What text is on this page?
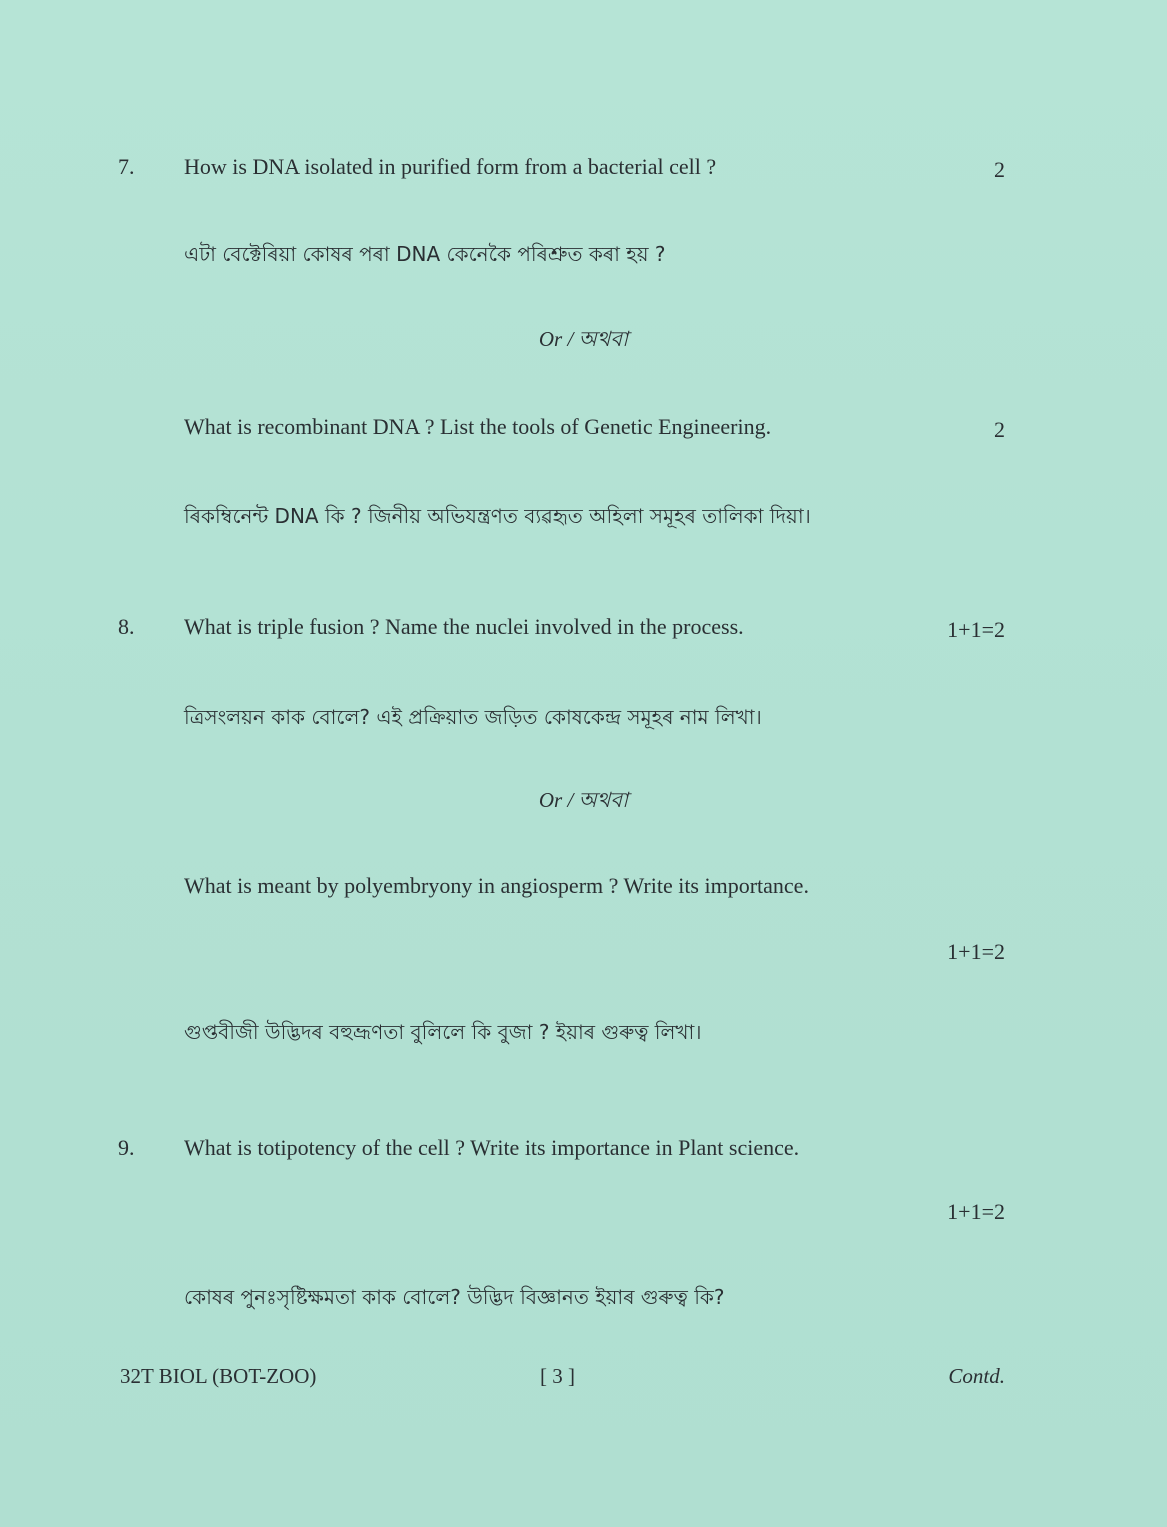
7. How is DNA isolated in purified form from a bacterial cell ?	2
এটা বেক্টেৰিয়া কোষৰ পৰা DNA কেনেকৈ পৰিশ্ৰুত কৰা হয় ?
Or / অথবা
What is recombinant DNA ? List the tools of Genetic Engineering.	2
ৰিকম্বিনেন্ট DNA কি ? জিনীয় অভিযন্ত্ৰণত ব্যৱহৃত অহিলা সমূহৰ তালিকা দিয়া।
8. What is triple fusion ? Name the nuclei involved in the process.	1+1=2
ত্ৰিসংলয়ন কাক বোলে? এই প্ৰক্ৰিয়াত জড়িত কোষকেন্দ্ৰ সমূহৰ নাম লিখা।
Or / অথবা
What is meant by polyembryony in angiosperm ? Write its importance.
1+1=2
গুপ্তবীজী উদ্ভিদৰ বহুভ্ৰূণতা বুলিলে কি বুজা ? ইয়াৰ গুৰুত্ব লিখা।
9. What is totipotency of the cell ? Write its importance in Plant science.
1+1=2
কোষৰ পুনঃসৃষ্টিক্ষমতা কাক বোলে? উদ্ভিদ বিজ্ঞানত ইয়াৰ গুৰুত্ব কি?
32T BIOL (BOT-ZOO)	[ 3 ]	Contd.
